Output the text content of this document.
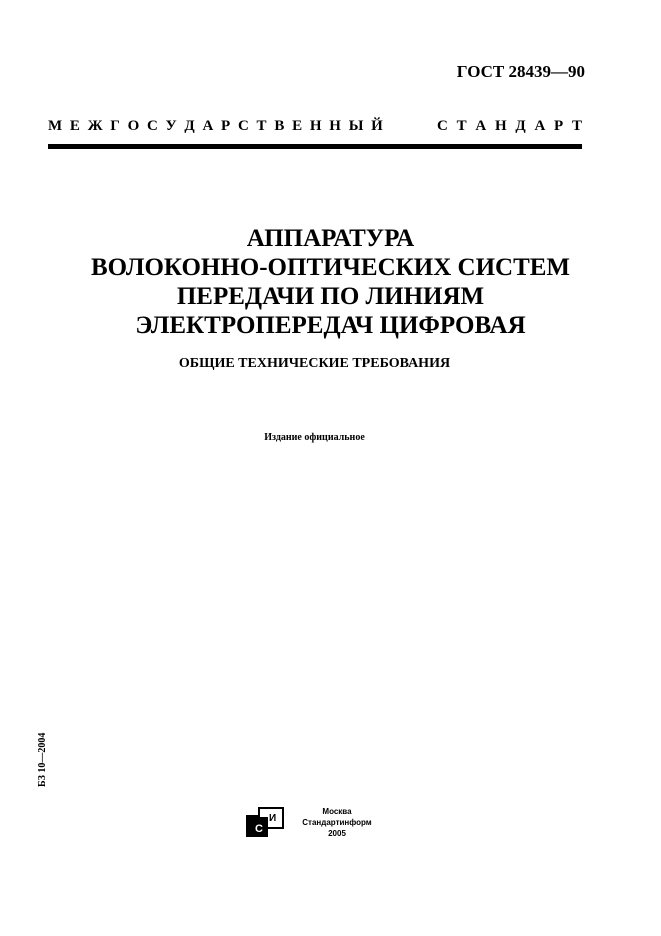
ГОСТ 28439—90
М Е Ж Г О С У Д А Р С Т В Е Н Н Ы Й	С Т А Н Д А Р Т
АППАРАТУРА
ВОЛОКОННО-ОПТИЧЕСКИХ СИСТЕМ
ПЕРЕДАЧИ ПО ЛИНИЯМ
ЭЛЕКТРОПЕРЕДАЧ ЦИФРОВАЯ
ОБЩИЕ ТЕХНИЧЕСКИЕ ТРЕБОВАНИЯ
Издание официальное
БЗ 10—2004
С
И
Москва
Стандартинформ
2005
